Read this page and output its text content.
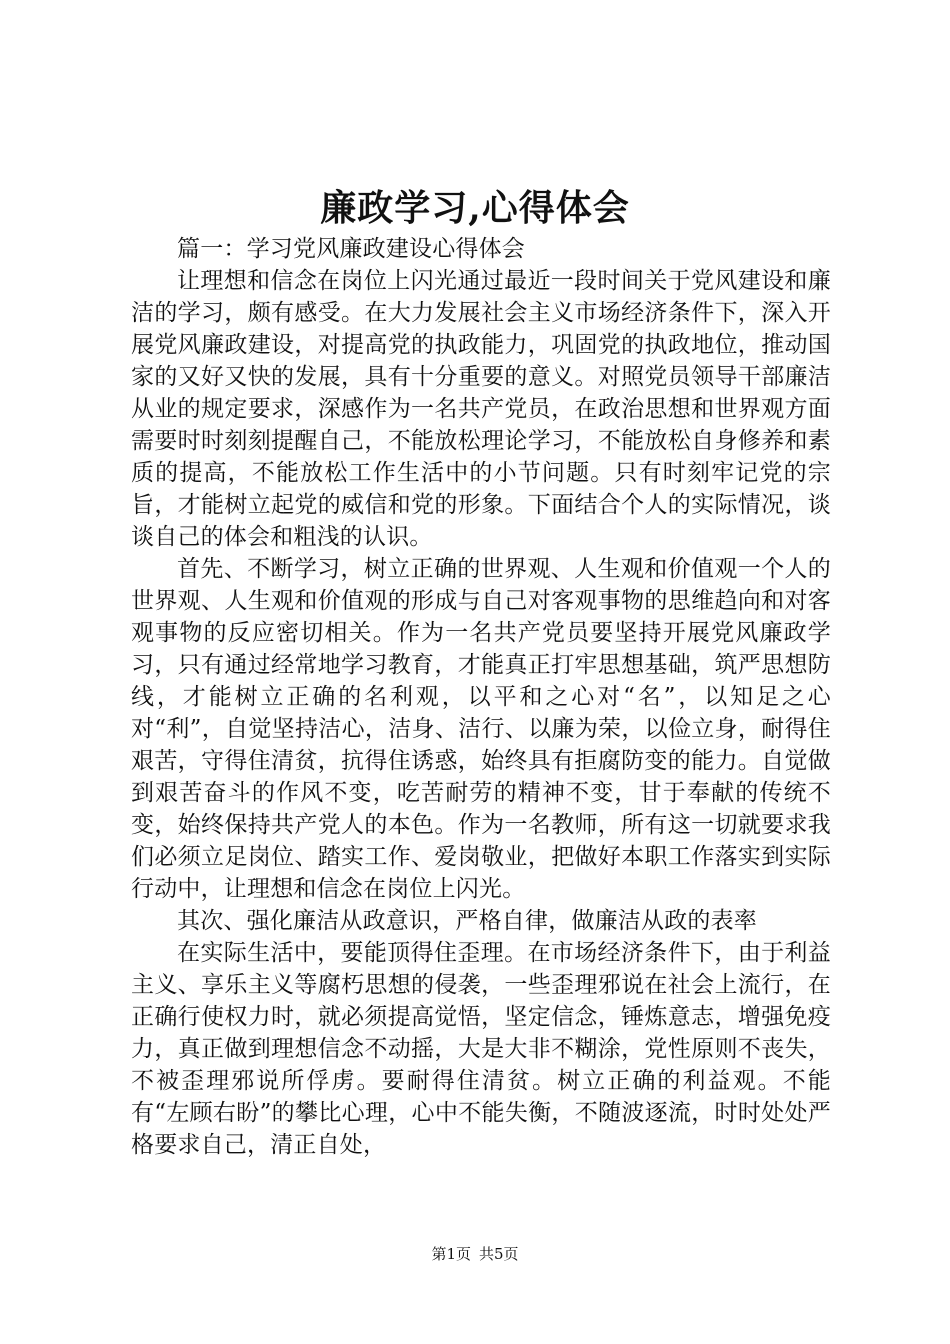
廉政学习,心得体会

篇一：学习党风廉政建设心得体会

让理想和信念在岗位上闪光通过最近一段时间关于党风建设和廉洁的学习，颇有感受。在大力发展社会主义市场经济条件下，深入开展党风廉政建设，对提高党的执政能力，巩固党的执政地位，推动国家的又好又快的发展，具有十分重要的意义。对照党员领导干部廉洁从业的规定要求，深感作为一名共产党员，在政治思想和世界观方面需要时时刻刻提醒自己，不能放松理论学习，不能放松自身修养和素质的提高，不能放松工作生活中的小节问题。只有时刻牢记党的宗旨，才能树立起党的威信和党的形象。下面结合个人的实际情况，谈谈自己的体会和粗浅的认识。

首先、不断学习，树立正确的世界观、人生观和价值观一个人的世界观、人生观和价值观的形成与自己对客观事物的思维趋向和对客观事物的反应密切相关。作为一名共产党员要坚持开展党风廉政学习，只有通过经常地学习教育，才能真正打牢思想基础，筑严思想防线，才能树立正确的名利观，以平和之心对“名”，以知足之心对“利”，自觉坚持洁心，洁身、洁行、以廉为荣，以俭立身，耐得住艰苦，守得住清贫，抗得住诱惑，始终具有拒腐防变的能力。自觉做到艰苦奋斗的作风不变，吃苦耐劳的精神不变，甘于奉献的传统不变，始终保持共产党人的本色。作为一名教师，所有这一切就要求我们必须立足岗位、踏实工作、爱岗敬业，把做好本职工作落实到实际行动中，让理想和信念在岗位上闪光。

其次、强化廉洁从政意识，严格自律，做廉洁从政的表率

在实际生活中，要能顶得住歪理。在市场经济条件下，由于利益主义、享乐主义等腐朽思想的侵袭，一些歪理邪说在社会上流行，在正确行使权力时，就必须提高觉悟，坚定信念，锤炼意志，增强免疫力，真正做到理想信念不动摇，大是大非不糊涂，党性原则不丧失，不被歪理邪说所俘虏。要耐得住清贫。树立正确的利益观。不能有“左顾右盼”的攀比心理，心中不能失衡，不随波逐流，时时处处严格要求自己，清正自处，

第1页 共5页
